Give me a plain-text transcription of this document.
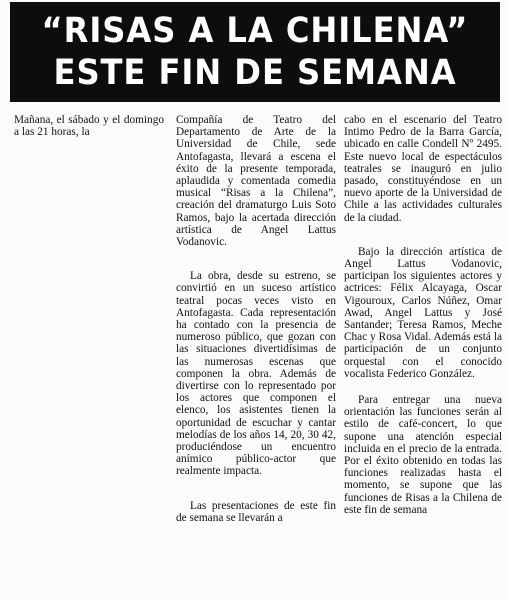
“RISAS A LA CHILENA”
ESTE FIN DE SEMANA

Mañana, el sábado y el domingo a las 21 horas, la

Compañía de Teatro del Departamento de Arte de la Universidad de Chile, sede Antofagasta, llevará a escena el éxito de la presente temporada, aplaudida y comentada comedia musical “Risas a la Chilena”, creación del dramaturgo Luis Soto Ramos, bajo la acertada dirección artística de Angel Lattus Vodanovic.

La obra, desde su estreno, se convirtió en un suceso artístico teatral pocas veces visto en Antofagasta. Cada representación ha contado con la presencia de numeroso público, que gozan con las situaciones divertidísimas de las numerosas escenas que componen la obra. Además de divertirse con lo representado por los actores que componen el elenco, los asistentes tienen la oportunidad de escuchar y cantar melodías de los años 14, 20, 30 42, produciéndose un encuentro anímico público-actor que realmente impacta.

Las presentaciones de este fin de semana se llevarán a

cabo en el escenario del Teatro Intimo Pedro de la Barra García, ubicado en calle Condell Nº 2495. Este nuevo local de espectáculos teatrales se inauguró en julio pasado, constituyéndose en un nuevo aporte de la Universidad de Chile a las actividades culturales de la ciudad.

Bajo la dirección artística de Angel Lattus Vodanovic, participan los siguientes actores y actrices: Félix Alcayaga, Oscar Vigouroux, Carlos Núñez, Omar Awad, Angel Lattus y José Santander; Teresa Ramos, Meche Chac y Rosa Vidal. Además está la participación de un conjunto orquestal con el conocido vocalista Federico González.

Para entregar una nueva orientación las funciones serán al estilo de café-concert, lo que supone una atención especial incluida en el precio de la entrada. Por el éxito obtenido en todas las funciones realizadas hasta el momento, se supone que las funciones de Risas a la Chilena de este fin de semana
